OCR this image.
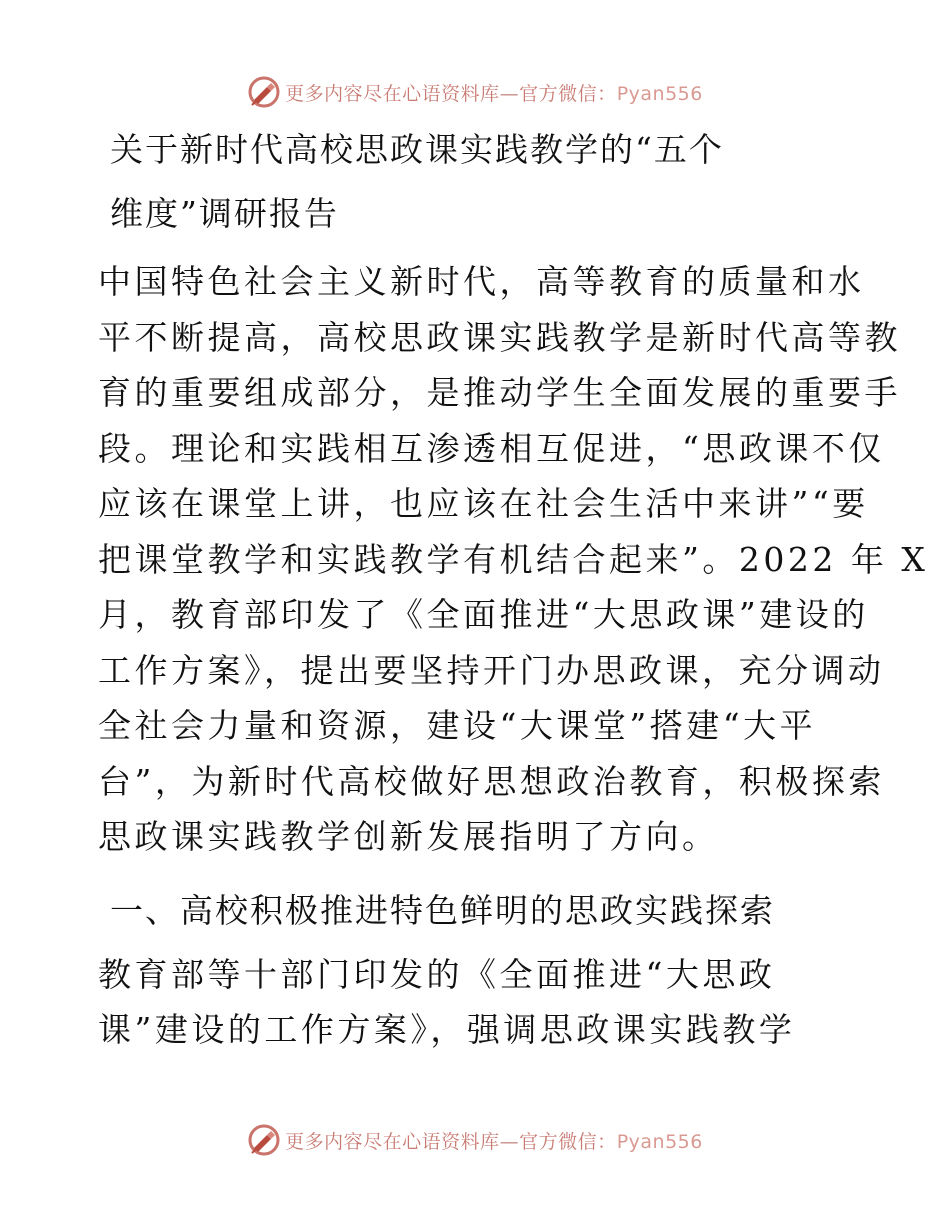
更多内容尽在心语资料库—官方微信：Pyan556
关于新时代高校思政课实践教学的“五个
维度”调研报告
中国特色社会主义新时代，高等教育的质量和水
平不断提高，高校思政课实践教学是新时代高等教
育的重要组成部分，是推动学生全面发展的重要手
段。理论和实践相互渗透相互促进，“思政课不仅
应该在课堂上讲，也应该在社会生活中来讲”“要
把课堂教学和实践教学有机结合起来”。2022 年 X
月，教育部印发了《全面推进“大思政课”建设的
工作方案》，提出要坚持开门办思政课，充分调动
全社会力量和资源，建设“大课堂”搭建“大平
台”，为新时代高校做好思想政治教育，积极探索
思政课实践教学创新发展指明了方向。
一、高校积极推进特色鲜明的思政实践探索
教育部等十部门印发的《全面推进“大思政
课”建设的工作方案》，强调思政课实践教学
更多内容尽在心语资料库—官方微信：Pyan556
